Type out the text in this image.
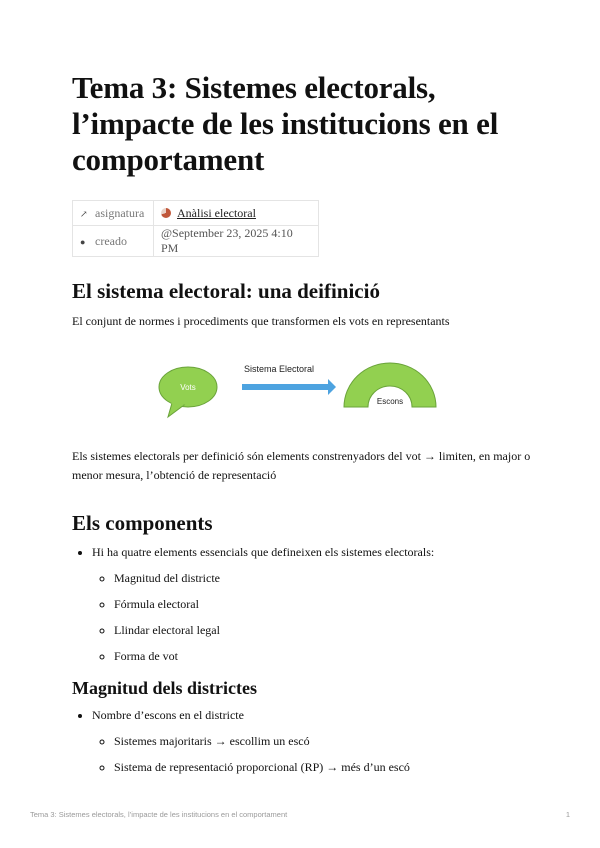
Tema 3: Sistemes electorals, l’impacte de les institucions en el comportament
↗ asignatura	Anàlisi electoral
● creado	@September 23, 2025 4:10 PM
El sistema electoral: una deifinició

El conjunt de normes i procediments que transformen els vots en representants

Vots
Sistema Electoral
Escons

Els sistemes electorals per definició són elements constrenyadors del vot → limiten, en major o menor mesura, l’obtenció de representació

Els components
• Hi ha quatre elements essencials que defineixen els sistemes electorals:
◦ Magnitud del districte
◦ Fórmula electoral
◦ Llindar electoral legal
◦ Forma de vot
Magnitud dels districtes
• Nombre d’escons en el districte
◦ Sistemes majoritaris → escollim un escó
◦ Sistema de representació proporcional (RP) → més d’un escó
Tema 3: Sistemes electorals, l’impacte de les institucions en el comportament	1
